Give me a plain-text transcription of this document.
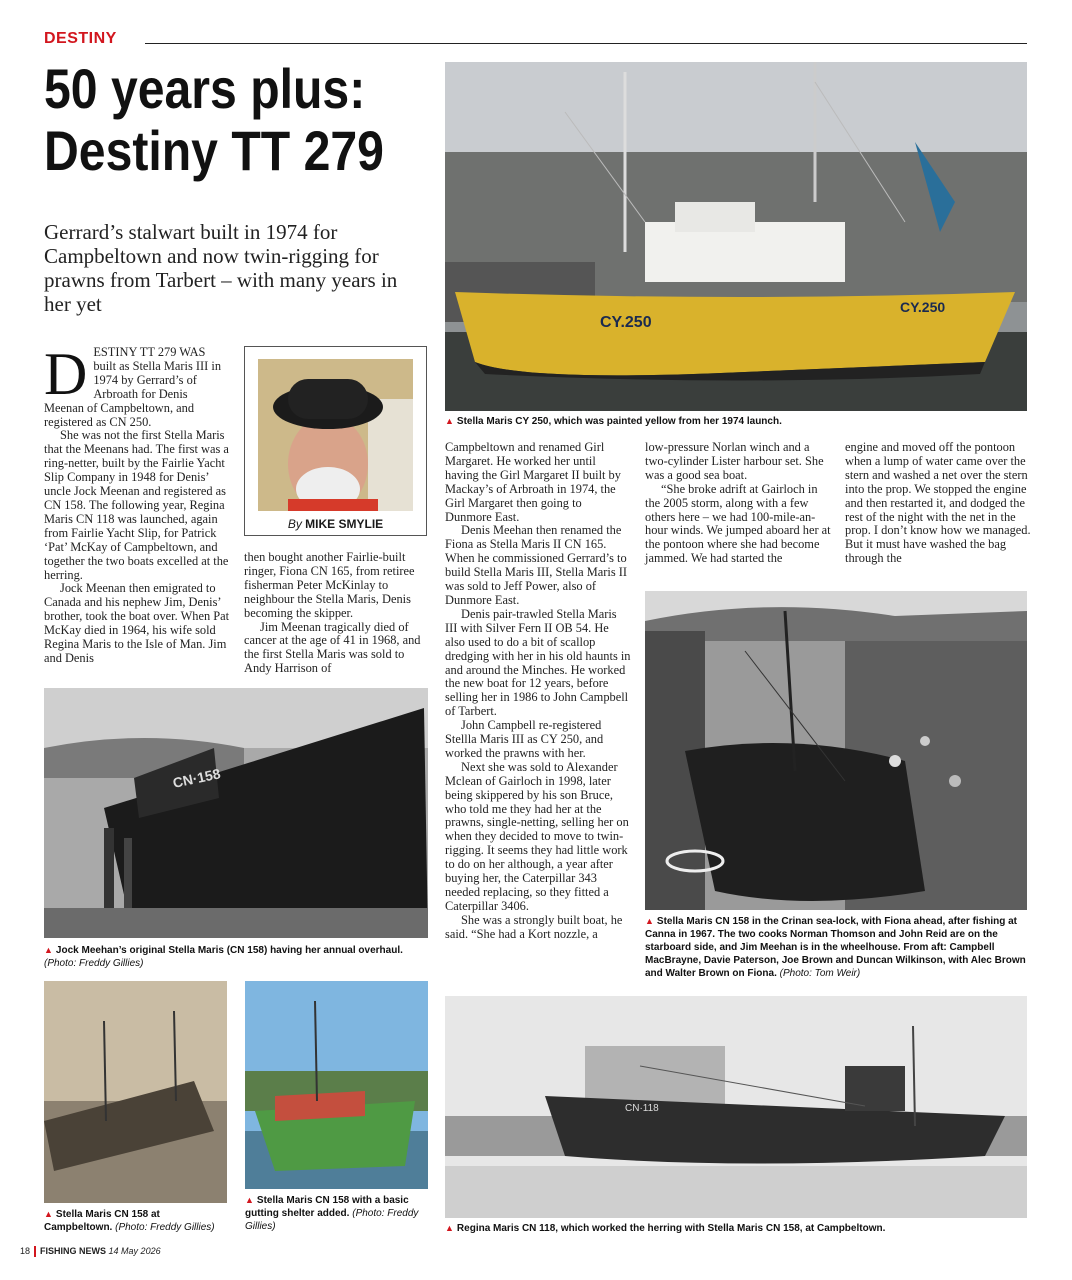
DESTINY
50 years plus:
Destiny TT 279
Gerrard’s stalwart built in 1974 for Campbeltown and now twin-rigging for prawns from Tarbert – with many years in her yet
CY.250
CY.250
▲ Stella Maris CY 250, which was painted yellow from her 1974 launch.
D ESTINY TT 279 WAS built as Stella Maris III in 1974 by Gerrard’s of Arbroath for Denis Meenan of Campbeltown, and registered as CN 250.

She was not the first Stella Maris that the Meenans had. The first was a ring-netter, built by the Fairlie Yacht Slip Company in 1948 for Denis’ uncle Jock Meenan and registered as CN 158. The following year, Regina Maris CN 118 was launched, again from Fairlie Yacht Slip, for Patrick ‘Pat’ McKay of Campbeltown, and together the two boats excelled at the herring.

Jock Meenan then emigrated to Canada and his nephew Jim, Denis’ brother, took the boat over. When Pat McKay died in 1964, his wife sold Regina Maris to the Isle of Man. Jim and Denis

By MIKE SMYLIE

then bought another Fairlie-built ringer, Fiona CN 165, from retiree fisherman Peter McKinlay to neighbour the Stella Maris, Denis becoming the skipper.

Jim Meenan tragically died of cancer at the age of 41 in 1968, and the first Stella Maris was sold to Andy Harrison of

Campbeltown and renamed Girl Margaret. He worked her until having the Girl Margaret II built by Mackay’s of Arbroath in 1974, the Girl Margaret then going to Dunmore East.

Denis Meehan then renamed the Fiona as Stella Maris II CN 165. When he commissioned Gerrard’s to build Stella Maris III, Stella Maris II was sold to Jeff Power, also of Dunmore East.

Denis pair-trawled Stella Maris III with Silver Fern II OB 54. He also used to do a bit of scallop dredging with her in his old haunts in and around the Minches. He worked the new boat for 12 years, before selling her in 1986 to John Campbell of Tarbert.

John Campbell re-registered Stellla Maris III as CY 250, and worked the prawns with her.

Next she was sold to Alexander Mclean of Gairloch in 1998, later being skippered by his son Bruce, who told me they had her at the prawns, single-netting, selling her on when they decided to move to twin-rigging. It seems they had little work to do on her although, a year after buying her, the Caterpillar 343 needed replacing, so they fitted a Caterpillar 3406.

She was a strongly built boat, he said. “She had a Kort nozzle, a

low-pressure Norlan winch and a two-cylinder Lister harbour set. She was a good sea boat.

“She broke adrift at Gairloch in the 2005 storm, along with a few others here – we had 100-mile-an-hour winds. We jumped aboard her at the pontoon where she had become jammed. We had started the

engine and moved off the pontoon when a lump of water came over the stern and washed a net over the stern into the prop. We stopped the engine and then restarted it, and dodged the rest of the night with the net in the prop. I don’t know how we managed. But it must have washed the bag through the

▲ Stella Maris CN 158 in the Crinan sea-lock, with Fiona ahead, after fishing at Canna in 1967. The two cooks Norman Thomson and John Reid are on the starboard side, and Jim Meehan is in the wheelhouse. From aft: Campbell MacBrayne, Davie Paterson, Joe Brown and Duncan Wilkinson, with Alec Brown and Walter Brown on Fiona. (Photo: Tom Weir)
CN·158
▲ Jock Meehan’s original Stella Maris (CN 158) having her annual overhaul.
(Photo: Freddy Gillies)
▲ Stella Maris CN 158 at Campbeltown. (Photo: Freddy Gillies)
▲ Stella Maris CN 158 with a basic gutting shelter added. (Photo: Freddy Gillies)
CN·118
▲ Regina Maris CN 118, which worked the herring with Stella Maris CN 158, at Campbeltown.
18 FISHING NEWS 14 May 2026
